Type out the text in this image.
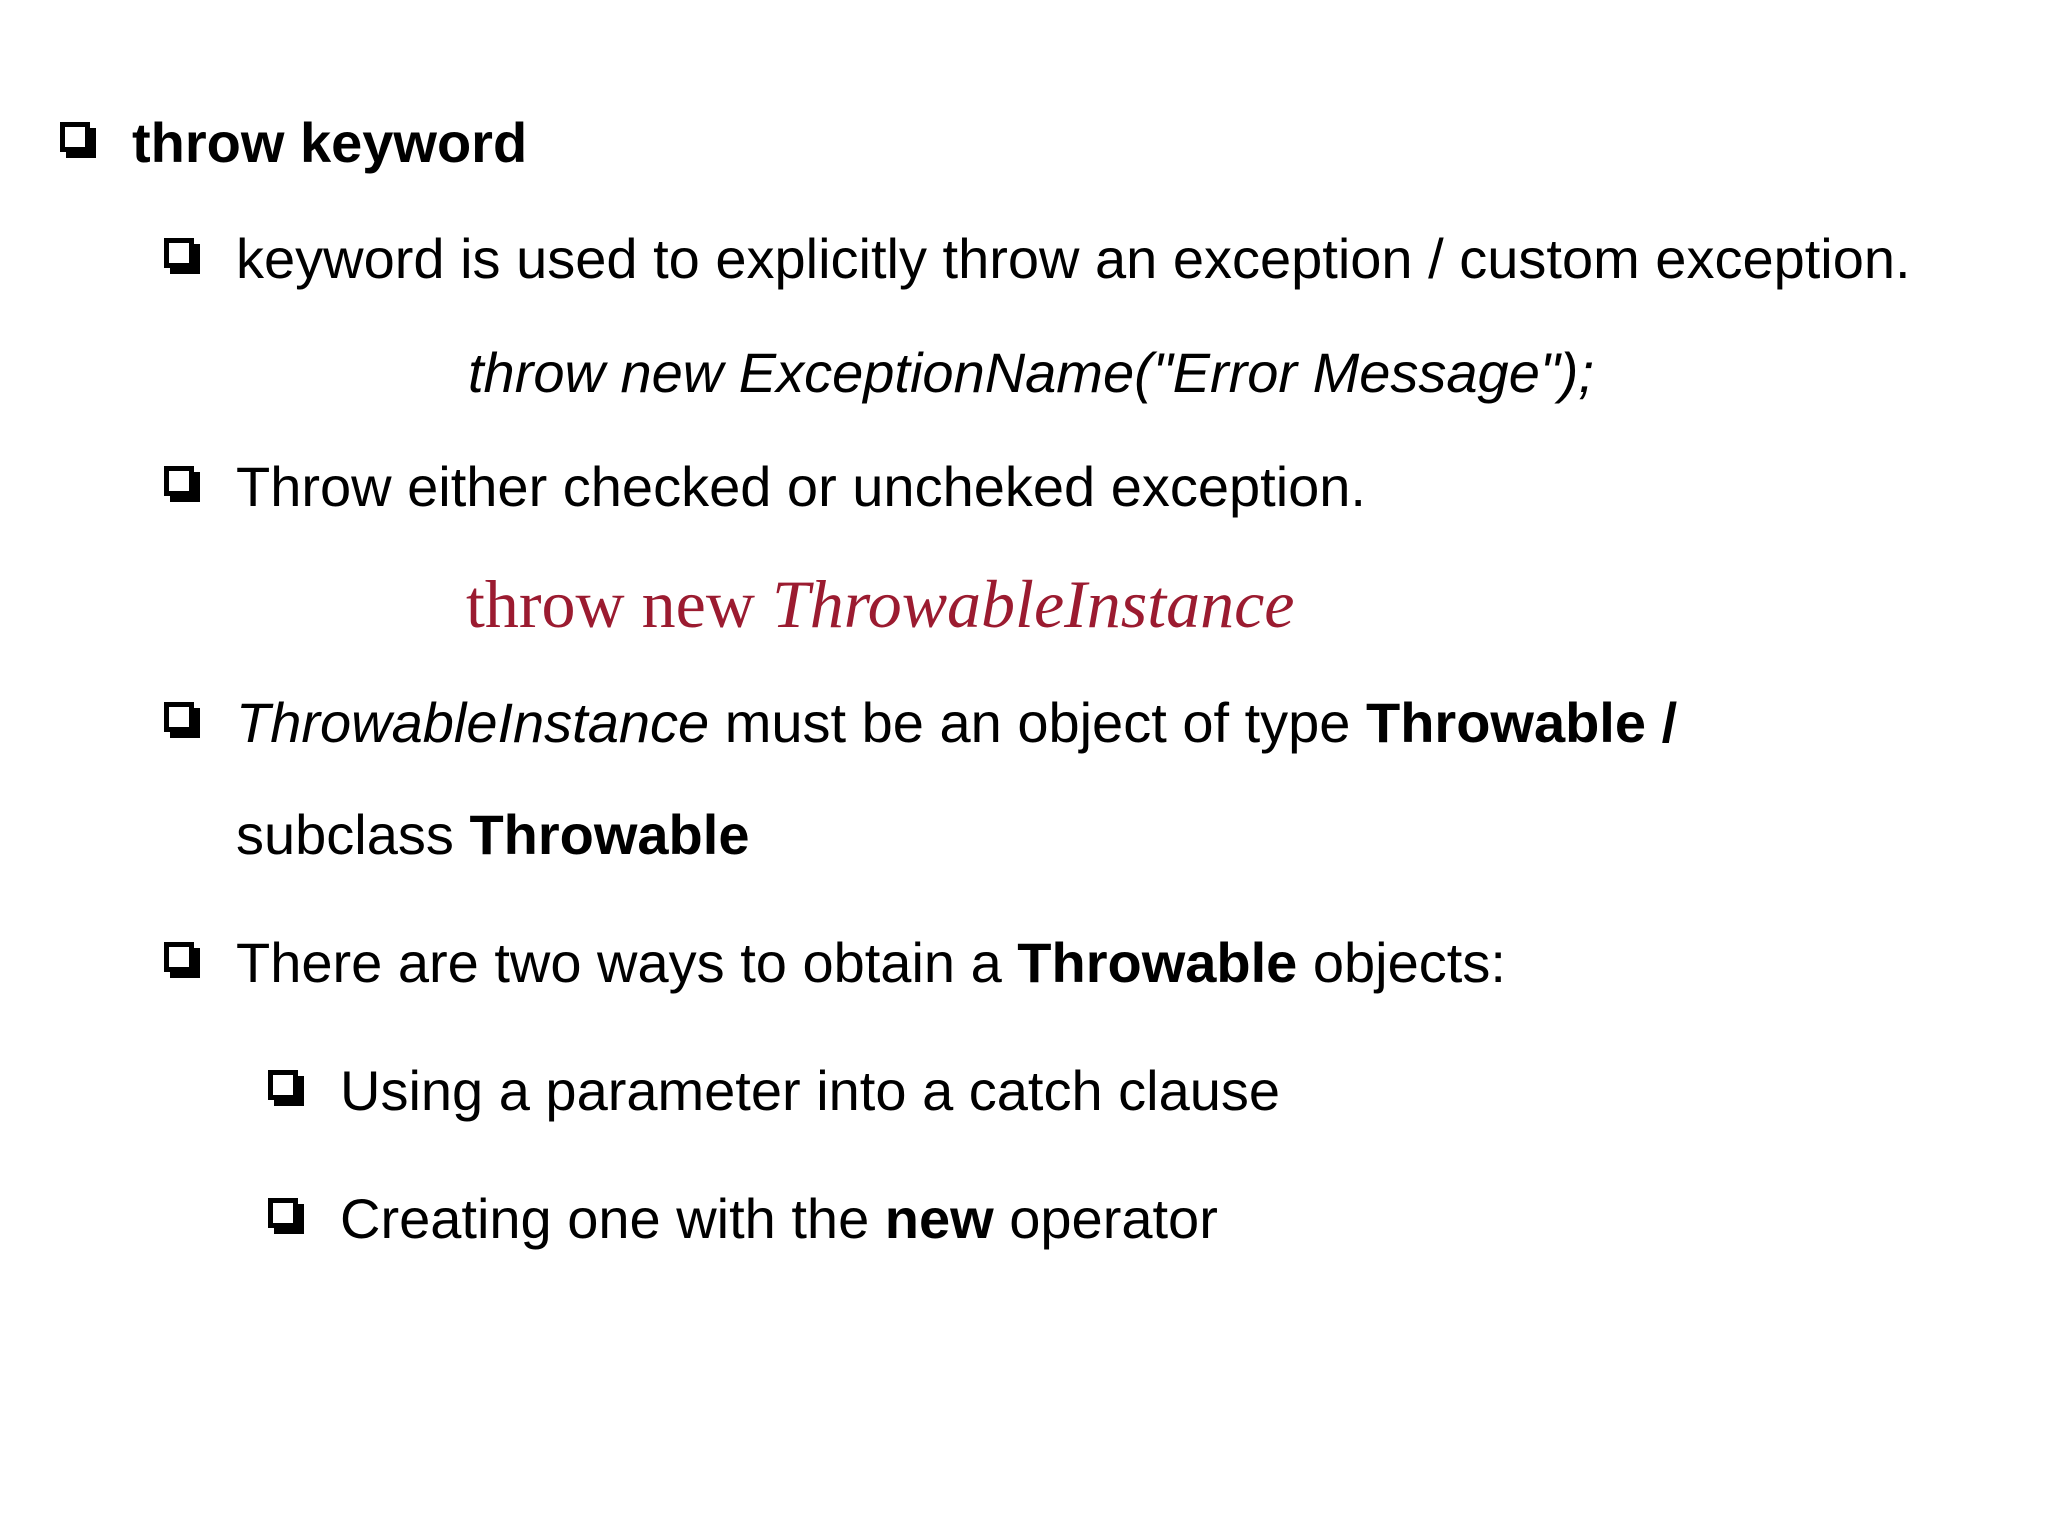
throw keyword
keyword is used to explicitly throw an exception / custom exception.
throw new ExceptionName("Error Message");
Throw either checked or uncheked exception.
throw new ThrowableInstance
ThrowableInstance must be an object of type Throwable /
subclass Throwable
There are two ways to obtain a Throwable objects:
Using a parameter into a catch clause
Creating one with the new operator
